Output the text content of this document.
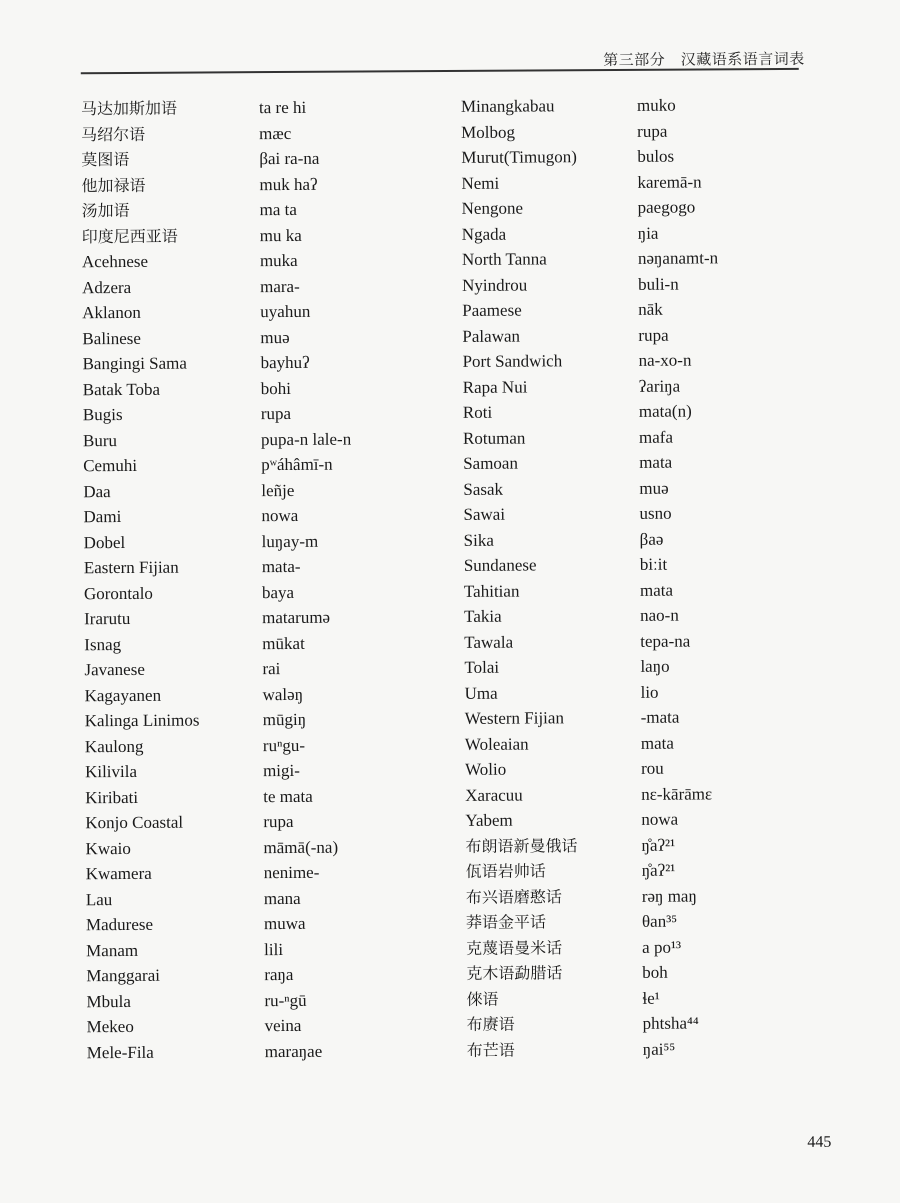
第三部分　汉藏语系语言词表
马达加斯加语
马绍尔语
莫图语
他加禄语
汤加语
印度尼西亚语
Acehnese
Adzera
Aklanon
Balinese
Bangingi Sama
Batak Toba
Bugis
Buru
Cemuhi
Daa
Dami
Dobel
Eastern Fijian
Gorontalo
Irarutu
Isnag
Javanese
Kagayanen
Kalinga Linimos
Kaulong
Kilivila
Kiribati
Konjo Coastal
Kwaio
Kwamera
Lau
Madurese
Manam
Manggarai
Mbula
Mekeo
Mele-Fila
ta re hi
mæc
βai ra-na
muk haʔ
ma ta
mu ka
muka
mara-
uyahun
muə
bayhuʔ
bohi
rupa
pupa-n lale-n
pʷáhâmī-n
leñje
nowa
luŋay-m
mata-
baya
matarumə
mūkat
rai
waləŋ
mūgiŋ
ruⁿgu-
migi-
te mata
rupa
māmā(-na)
nenime-
mana
muwa
lili
raŋa
ru-ⁿgū
veina
maraŋae
Minangkabau
Molbog
Murut(Timugon)
Nemi
Nengone
Ngada
North Tanna
Nyindrou
Paamese
Palawan
Port Sandwich
Rapa Nui
Roti
Rotuman
Samoan
Sasak
Sawai
Sika
Sundanese
Tahitian
Takia
Tawala
Tolai
Uma
Western Fijian
Woleaian
Wolio
Xaracuu
Yabem
布朗语新曼俄话
佤语岩帅话
布兴语磨憨话
莽语金平话
克蔑语曼米话
克木语勐腊话
倈语
布赓语
布芒语
muko
rupa
bulos
karemā-n
paegogo
ŋia
nəŋanamt-n
buli-n
nāk
rupa
na-xo-n
ʔariŋa
mata(n)
mafa
mata
muə
usno
βaə
biːit
mata
nao-n
tepa-na
laŋo
lio
-mata
mata
rou
nɛ-kārāmɛ
nowa
ŋ̊aʔ²¹
ŋ̊aʔ²¹
rəŋ maŋ
θan³⁵
a po¹³
boh
ɬe¹
phtsha⁴⁴
ŋai⁵⁵
445
